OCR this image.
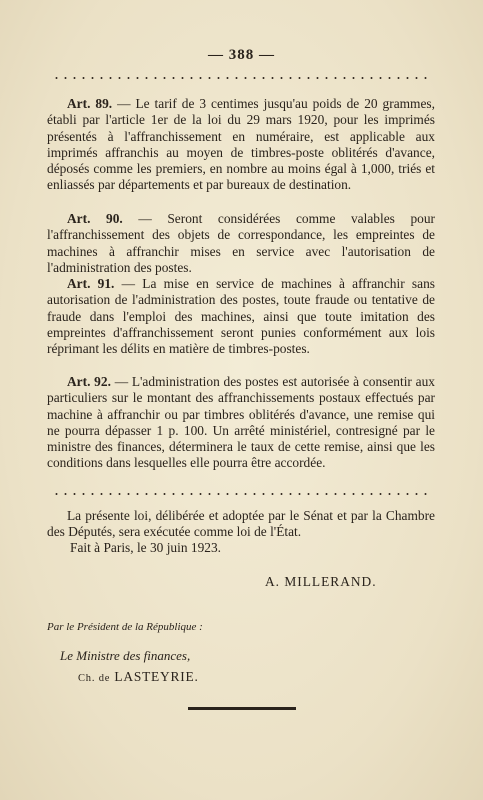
— 388 —

Art. 89. — Le tarif de 3 centimes jusqu'au poids de 20 grammes, établi par l'article 1er de la loi du 29 mars 1920, pour les imprimés présentés à l'affranchissement en numéraire, est applicable aux imprimés affranchis au moyen de timbres-poste oblitérés d'avance, déposés comme les premiers, en nombre au moins égal à 1,000, triés et enliassés par départements et par bureaux de destination.

Art. 90. — Seront considérées comme valables pour l'affranchissement des objets de correspondance, les empreintes de machines à affranchir mises en service avec l'autorisation de l'administration des postes.

Art. 91. — La mise en service de machines à affranchir sans autorisation de l'administration des postes, toute fraude ou tentative de fraude dans l'emploi des machines, ainsi que toute imitation des empreintes d'affranchissement seront punies conformément aux lois réprimant les délits en matière de timbres-postes.

Art. 92. — L'administration des postes est autorisée à consentir aux particuliers sur le montant des affranchissements postaux effectués par machine à affranchir ou par timbres oblitérés d'avance, une remise qui ne pourra dépasser 1 p. 100. Un arrêté ministériel, contresigné par le ministre des finances, déterminera le taux de cette remise, ainsi que les conditions dans lesquelles elle pourra être accordée.

La présente loi, délibérée et adoptée par le Sénat et par la Chambre des Députés, sera exécutée comme loi de l'État.

Fait à Paris, le 30 juin 1923.
A. MILLERAND.
Par le Président de la République :
Le Ministre des finances,
Ch. de LASTEYRIE.
